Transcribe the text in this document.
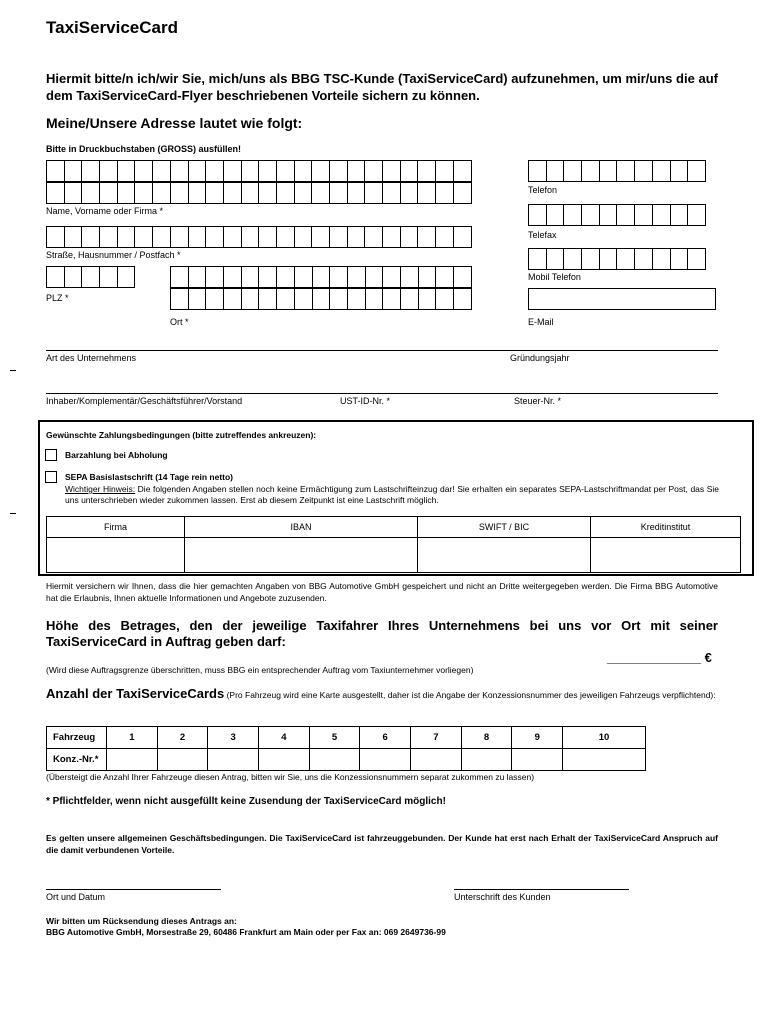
TaxiServiceCard
Hiermit bitte/n ich/wir Sie, mich/uns als BBG TSC-Kunde (TaxiServiceCard) aufzunehmen, um mir/uns die auf dem TaxiServiceCard-Flyer beschriebenen Vorteile sichern zu können.
Meine/Unsere Adresse lautet wie folgt:
Bitte in Druckbuchstaben (GROSS) ausfüllen!
Name, Vorname oder Firma *
Straße, Hausnummer / Postfach *
PLZ *
Ort *
Telefon
Telefax
Mobil Telefon
E-Mail
Art des Unternehmens	Gründungsjahr
Inhaber/Komplementär/Geschäftsführer/Vorstand	UST-ID-Nr. *	Steuer-Nr. *
Gewünschte Zahlungsbedingungen (bitte zutreffendes ankreuzen):
Barzahlung bei Abholung
SEPA Basislastschrift (14 Tage rein netto)
Wichtiger Hinweis: Die folgenden Angaben stellen noch keine Ermächtigung zum Lastschrifteinzug dar! Sie erhalten ein separates SEPA-Lastschriftmandat per Post, das Sie uns unterschrieben wieder zukommen lassen. Erst ab diesem Zeitpunkt ist eine Lastschrift möglich.
Firma	IBAN	SWIFT / BIC	Kreditinstitut

Hiermit versichern wir Ihnen, dass die hier gemachten Angaben von BBG Automotive GmbH gespeichert und nicht an Dritte weitergegeben werden. Die Firma BBG Automotive hat die Erlaubnis, Ihnen aktuelle Informationen und Angebote zuzusenden.
Höhe des Betrages, den der jeweilige Taxifahrer Ihres Unternehmens bei uns vor Ort mit seiner TaxiServiceCard in Auftrag geben darf:
_____________ €
(Wird diese Auftragsgrenze überschritten, muss BBG ein entsprechender Auftrag vom Taxiunternehmer vorliegen)
Anzahl der TaxiServiceCards (Pro Fahrzeug wird eine Karte ausgestellt, daher ist die Angabe der Konzessionsnummer des jeweiligen Fahrzeugs verpflichtend):
Fahrzeug	1	2	3	4	5	6	7	8	9	10
Konz.-Nr.*										
(Übersteigt die Anzahl Ihrer Fahrzeuge diesen Antrag, bitten wir Sie, uns die Konzessionsnummern separat zukommen zu lassen)
* Pflichtfelder, wenn nicht ausgefüllt keine Zusendung der TaxiServiceCard möglich!
Es gelten unsere allgemeinen Geschäftsbedingungen. Die TaxiServiceCard ist fahrzeuggebunden. Der Kunde hat erst nach Erhalt der TaxiServiceCard Anspruch auf die damit verbundenen Vorteile.
Ort und Datum	Unterschrift des Kunden
Wir bitten um Rücksendung dieses Antrags an:
BBG Automotive GmbH, Morsestraße 29, 60486 Frankfurt am Main oder per Fax an: 069 2649736-99
